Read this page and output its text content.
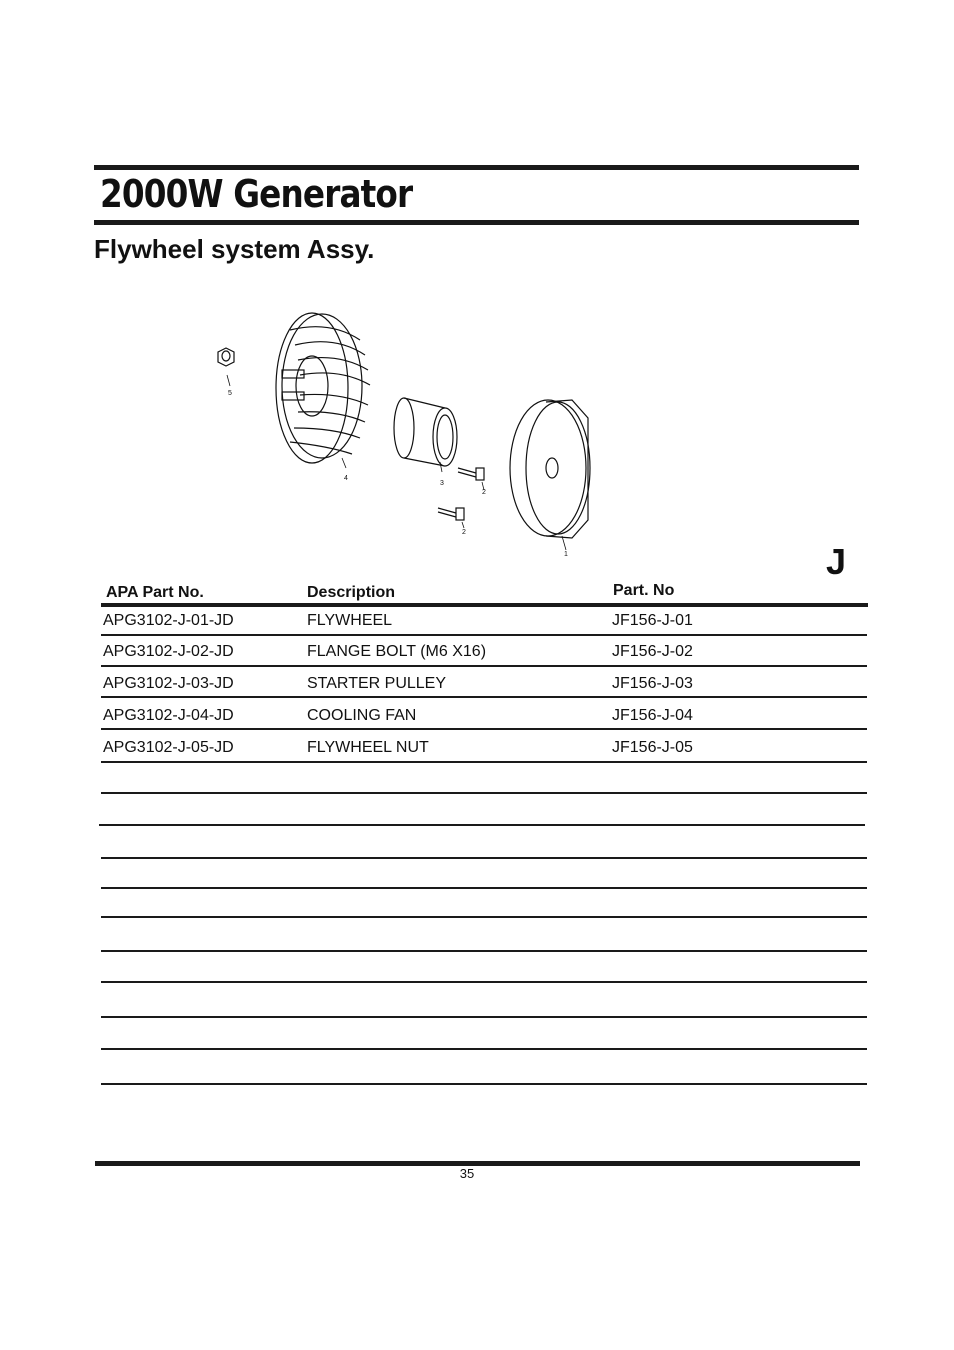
2000W Generator
Flywheel system Assy.
5
4
3
2
2
1	J
APA Part No.	Description	Part. No
APG3102-J-01-JD	FLYWHEEL	JF156-J-01
APG3102-J-02-JD	FLANGE BOLT (M6 X16)	JF156-J-02
APG3102-J-03-JD	STARTER PULLEY	JF156-J-03
APG3102-J-04-JD	COOLING FAN	JF156-J-04
APG3102-J-05-JD	FLYWHEEL NUT	JF156-J-05
35
